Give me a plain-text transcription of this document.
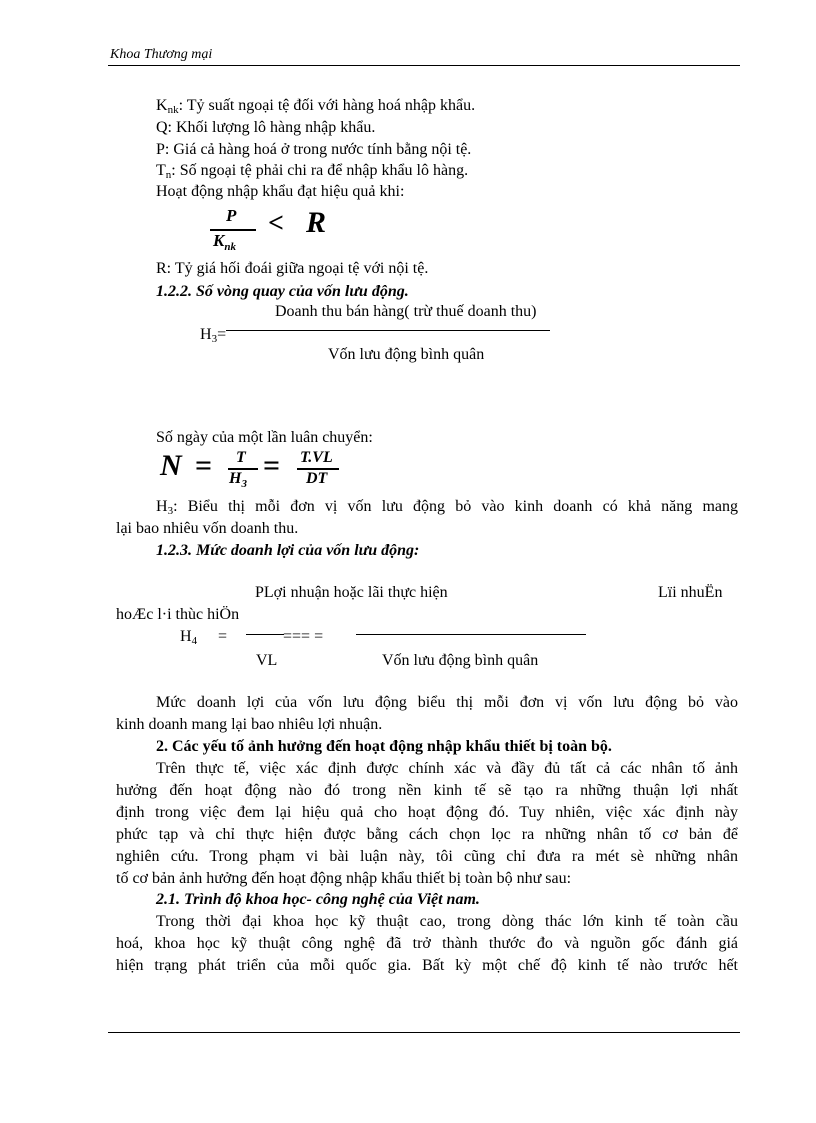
Khoa Thương mại
$K_{nk}$: Tỷ suất ngoại tệ đối với hàng hoá nhập khẩu.
Q: Khối lượng lô hàng nhập khẩu.
P: Giá cả hàng hoá ở trong nước tính bằng nội tệ.
$T_n$: Số ngoại tệ phải chi ra để nhập khẩu lô hàng.
Hoạt động nhập khẩu đạt hiệu quả khi:
P
$K_{nk}$
< R
R: Tỷ giá hối đoái giữa ngoại tệ với nội tệ.
1.2.2. Số vòng quay của vốn lưu động.
Doanh thu bán hàng( trừ thuế doanh thu)
$H_3=$
Vốn lưu động bình quân
Số ngày của một lần luân chuyển:
N = T
$H_3$
= T.VL
DT
$H_3$: Biểu thị mỗi đơn vị vốn lưu động bỏ vào kinh doanh có khả năng mang
lại bao nhiêu vốn doanh thu.
1.2.3. Mức doanh lợi của vốn lưu động:
PLợi nhuận hoặc lãi thực hiện	Lïi nhuËn
hoÆc l·i thùc hiÖn
$H_4$ =	=== =
VL	Vốn lưu động bình quân
Mức doanh lợi của vốn lưu động biểu thị mỗi đơn vị vốn lưu động bỏ vào
kinh doanh mang lại bao nhiêu lợi nhuận.
2. Các yếu tố ảnh hưởng đến hoạt động nhập khẩu thiết bị toàn bộ.
Trên thực tế, việc xác định được chính xác và đầy đủ tất cả các nhân tố ảnh
hưởng đến hoạt động nào đó trong nền kinh tế sẽ tạo ra những thuận lợi nhất
định trong việc đem lại hiệu quả cho hoạt động đó. Tuy nhiên, việc xác định này
phức tạp và chỉ thực hiện được bằng cách chọn lọc ra những nhân tố cơ bản để
nghiên cứu. Trong phạm vi bài luận này, tôi cũng chỉ đưa ra mét sè những nhân
tố cơ bản ảnh hưởng đến hoạt động nhập khẩu thiết bị toàn bộ như sau:
2.1. Trình độ khoa học- công nghệ của Việt nam.
Trong thời đại khoa học kỹ thuật cao, trong dòng thác lớn kinh tế toàn cầu
hoá, khoa học kỹ thuật công nghệ đã trở thành thước đo và nguồn gốc đánh giá
hiện trạng phát triển của mỗi quốc gia. Bất kỳ một chế độ kinh tế nào trước hết
